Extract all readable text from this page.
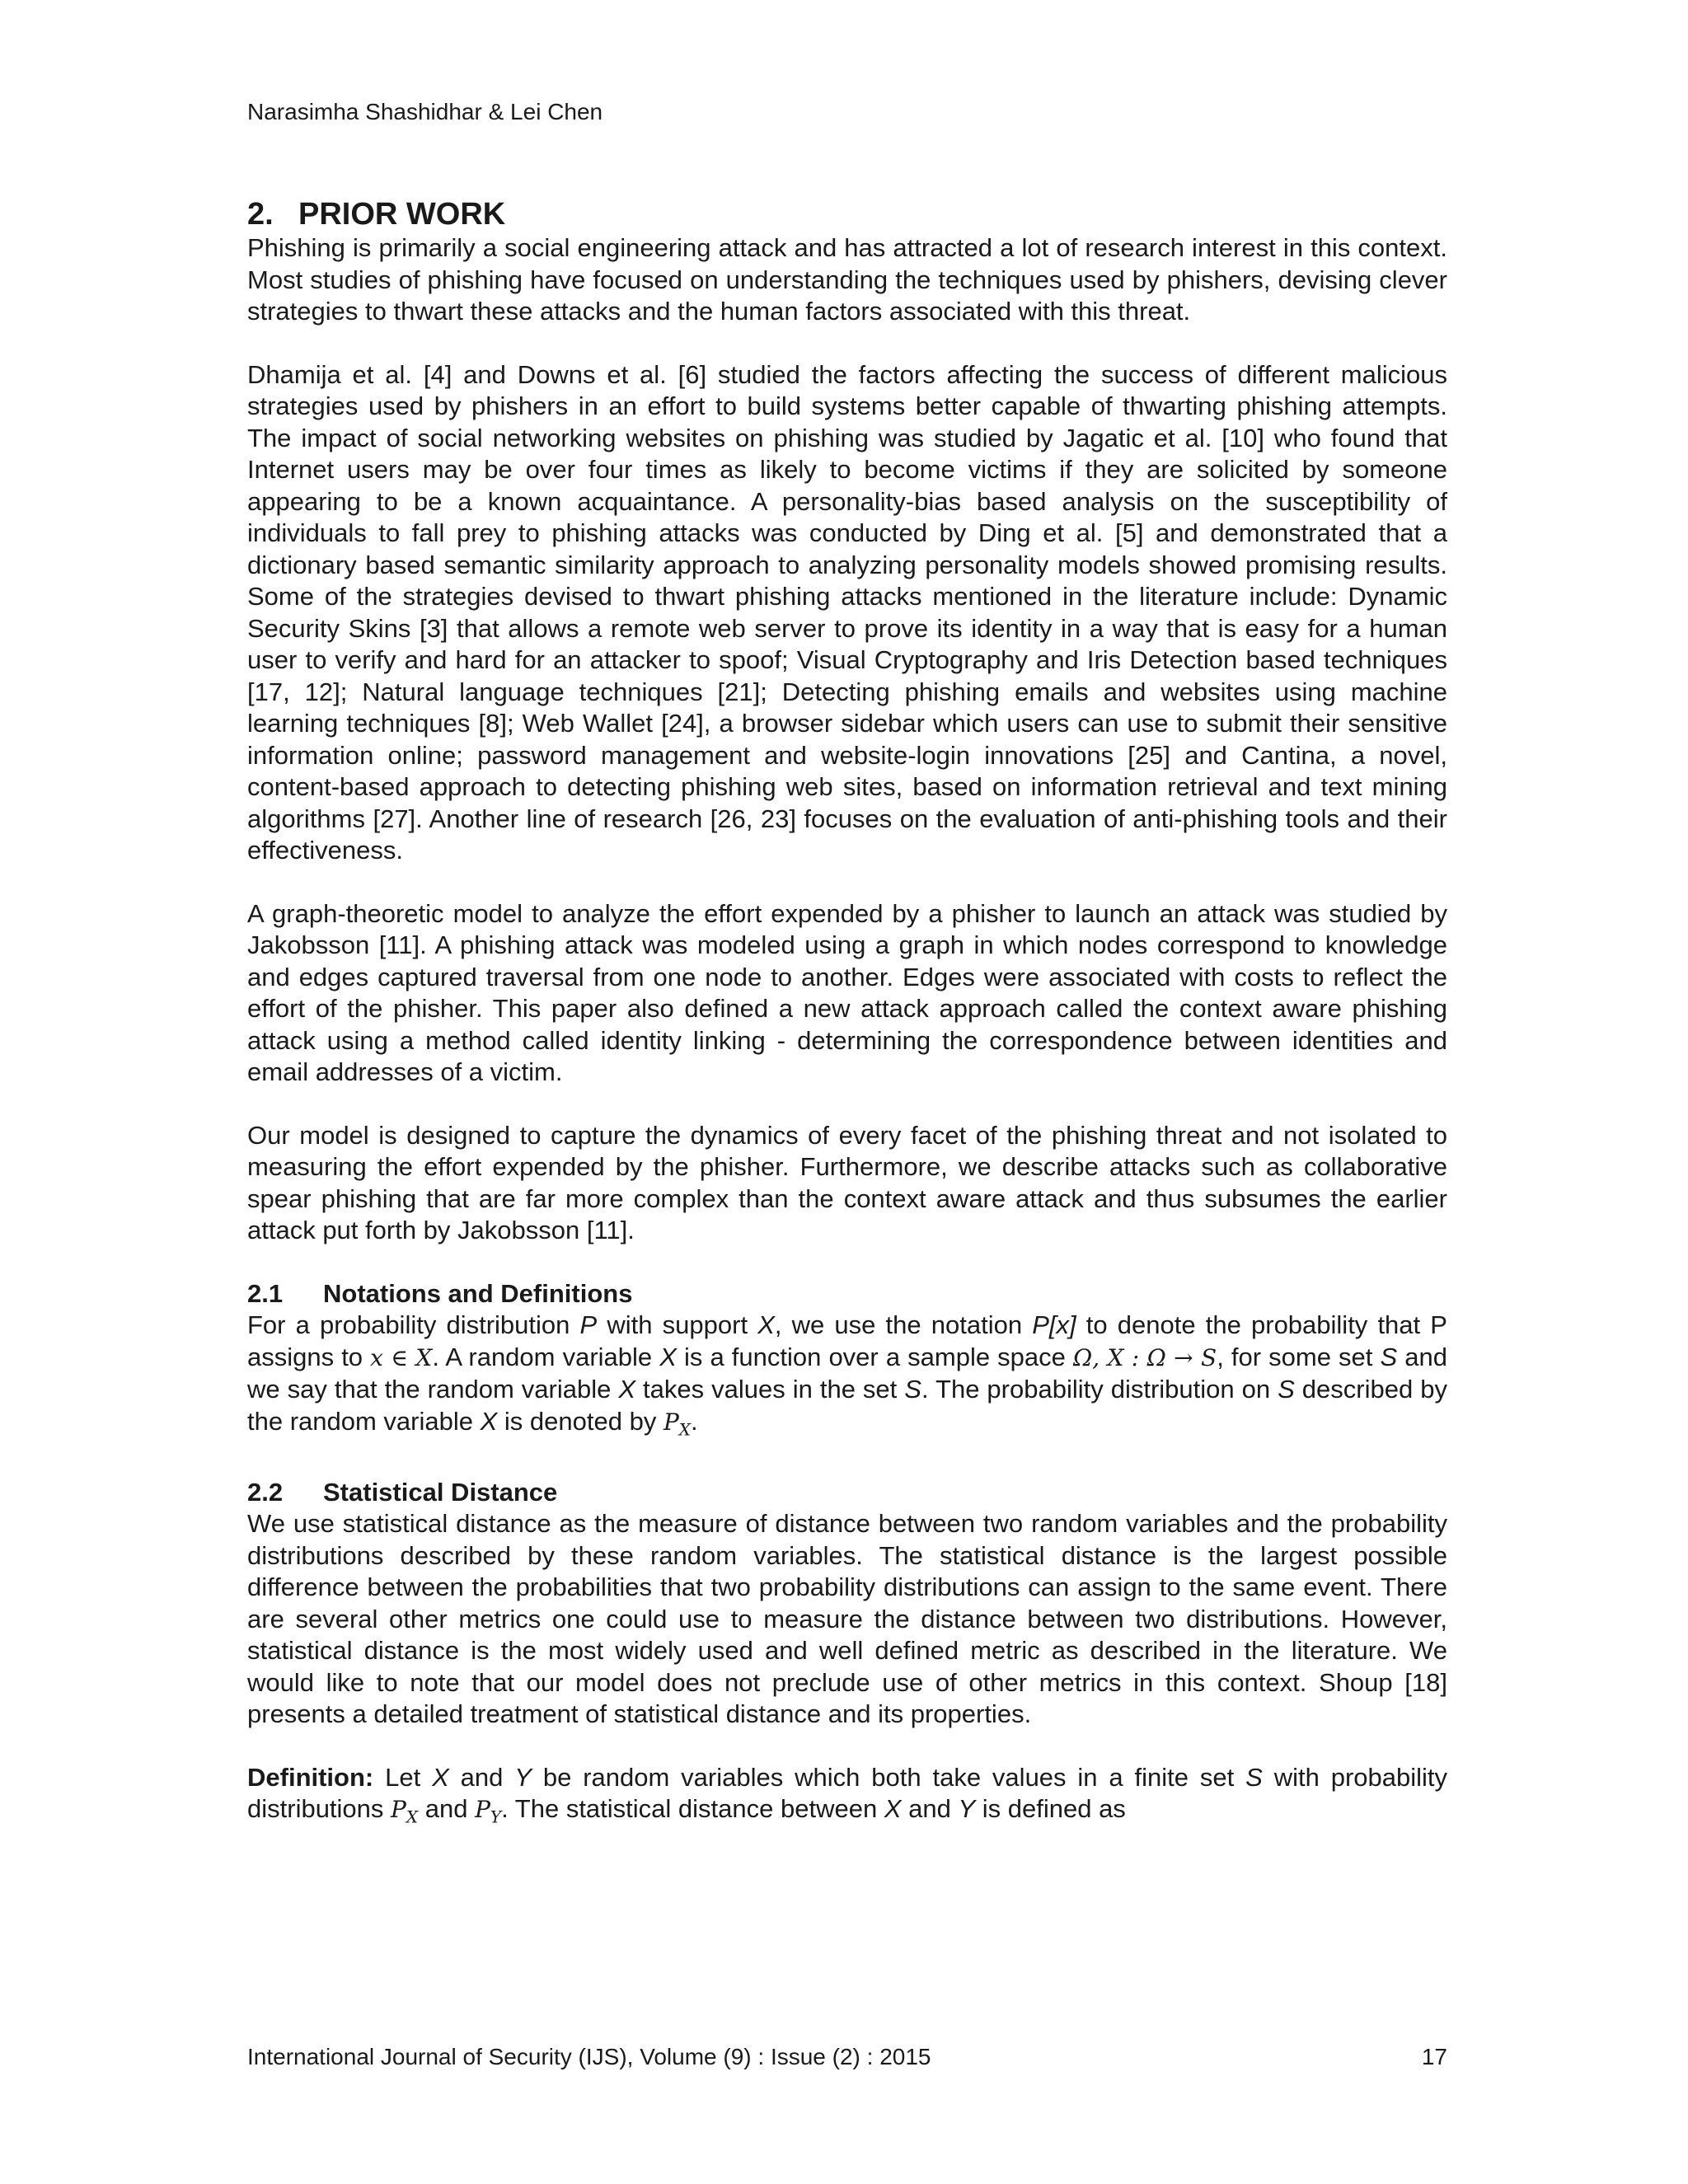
Narasimha Shashidhar & Lei Chen
2. PRIOR WORK

Phishing is primarily a social engineering attack and has attracted a lot of research interest in this context. Most studies of phishing have focused on understanding the techniques used by phishers, devising clever strategies to thwart these attacks and the human factors associated with this threat.

Dhamija et al. [4] and Downs et al. [6] studied the factors affecting the success of different malicious strategies used by phishers in an effort to build systems better capable of thwarting phishing attempts. The impact of social networking websites on phishing was studied by Jagatic et al. [10] who found that Internet users may be over four times as likely to become victims if they are solicited by someone appearing to be a known acquaintance. A personality-bias based analysis on the susceptibility of individuals to fall prey to phishing attacks was conducted by Ding et al. [5] and demonstrated that a dictionary based semantic similarity approach to analyzing personality models showed promising results. Some of the strategies devised to thwart phishing attacks mentioned in the literature include: Dynamic Security Skins [3] that allows a remote web server to prove its identity in a way that is easy for a human user to verify and hard for an attacker to spoof; Visual Cryptography and Iris Detection based techniques [17, 12]; Natural language techniques [21]; Detecting phishing emails and websites using machine learning techniques [8]; Web Wallet [24], a browser sidebar which users can use to submit their sensitive information online; password management and website-login innovations [25] and Cantina, a novel, content-based approach to detecting phishing web sites, based on information retrieval and text mining algorithms [27]. Another line of research [26, 23] focuses on the evaluation of anti-phishing tools and their effectiveness.

A graph-theoretic model to analyze the effort expended by a phisher to launch an attack was studied by Jakobsson [11]. A phishing attack was modeled using a graph in which nodes correspond to knowledge and edges captured traversal from one node to another. Edges were associated with costs to reflect the effort of the phisher. This paper also defined a new attack approach called the context aware phishing attack using a method called identity linking - determining the correspondence between identities and email addresses of a victim.

Our model is designed to capture the dynamics of every facet of the phishing threat and not isolated to measuring the effort expended by the phisher. Furthermore, we describe attacks such as collaborative spear phishing that are far more complex than the context aware attack and thus subsumes the earlier attack put forth by Jakobsson [11].

2.1 Notations and Definitions

For a probability distribution P with support X, we use the notation P[x] to denote the probability that P assigns to x ∈ X. A random variable X is a function over a sample space Ω, X : Ω → S, for some set S and we say that the random variable X takes values in the set S. The probability distribution on S described by the random variable X is denoted by $P_X$.

2.2 Statistical Distance

We use statistical distance as the measure of distance between two random variables and the probability distributions described by these random variables. The statistical distance is the largest possible difference between the probabilities that two probability distributions can assign to the same event. There are several other metrics one could use to measure the distance between two distributions. However, statistical distance is the most widely used and well defined metric as described in the literature. We would like to note that our model does not preclude use of other metrics in this context. Shoup [18] presents a detailed treatment of statistical distance and its properties.

Definition: Let X and Y be random variables which both take values in a finite set S with probability distributions $P_X$ and $P_Y$. The statistical distance between X and Y is defined as

International Journal of Security (IJS), Volume (9) : Issue (2) : 2015	17
